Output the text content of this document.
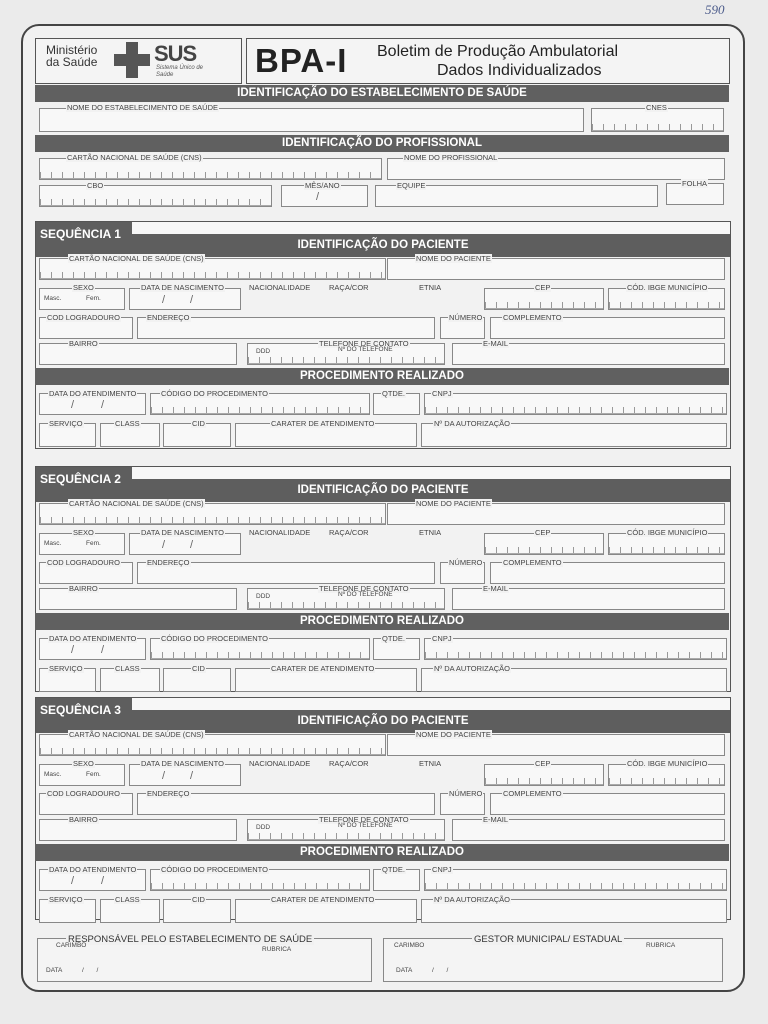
590
Ministério da Saúde	SUS
Sistema Único de Saúde	BPA-I Boletim de Produção Ambulatorial
Dados Individualizados
IDENTIFICAÇÃO DO ESTABELECIMENTO DE SAÚDE
NOME DO ESTABELECIMENTO DE SAÚDE	CNES
IDENTIFICAÇÃO DO PROFISSIONAL
CARTÃO NACIONAL DE SAÚDE (CNS)	NOME DO PROFISSIONAL
CBO
/
MÊS/ANO	EQUIPE	FOLHA
SEQUÊNCIA 1
IDENTIFICAÇÃO DO PACIENTE
CARTÃO NACIONAL DE SAÚDE (CNS)	NOME DO PACIENTE
SEXO
Masc.	Fem.	/ /
DATA DE NASCIMENTO	NACIONALIDADE RAÇA/COR	ETNIA	CEP	CÓD. IBGE MUNICÍPIO
COD LOGRADOURO	ENDEREÇO	NÚMERO	COMPLEMENTO
BAIRRO	TELEFONE DE CONTATO
DDD	Nº DO TELEFONE
E-MAIL
PROCEDIMENTO REALIZADO
/ /
DATA DO ATENDIMENTO	CÓDIGO DO PROCEDIMENTO	QTDE.	CNPJ
SERVIÇO	CLASS	CID	CARATER DE ATENDIMENTO	Nº DA AUTORIZAÇÃO
SEQUÊNCIA 2
IDENTIFICAÇÃO DO PACIENTE
CARTÃO NACIONAL DE SAÚDE (CNS)	NOME DO PACIENTE
SEXO
Masc.	Fem.	/ /
DATA DE NASCIMENTO	NACIONALIDADE RAÇA/COR	ETNIA	CEP	CÓD. IBGE MUNICÍPIO
COD LOGRADOURO	ENDEREÇO	NÚMERO	COMPLEMENTO
BAIRRO	TELEFONE DE CONTATO
DDD	Nº DO TELEFONE
E-MAIL
PROCEDIMENTO REALIZADO
/ /
DATA DO ATENDIMENTO	CÓDIGO DO PROCEDIMENTO	QTDE.	CNPJ
SERVIÇO	CLASS	CID	CARATER DE ATENDIMENTO	Nº DA AUTORIZAÇÃO
SEQUÊNCIA 3
IDENTIFICAÇÃO DO PACIENTE
CARTÃO NACIONAL DE SAÚDE (CNS)	NOME DO PACIENTE
SEXO
Masc.	Fem.	/ /
DATA DE NASCIMENTO	NACIONALIDADE RAÇA/COR	ETNIA	CEP	CÓD. IBGE MUNICÍPIO
COD LOGRADOURO	ENDEREÇO	NÚMERO	COMPLEMENTO
BAIRRO	TELEFONE DE CONTATO
DDD	Nº DO TELEFONE
E-MAIL
PROCEDIMENTO REALIZADO
/ /
DATA DO ATENDIMENTO	CÓDIGO DO PROCEDIMENTO	QTDE.	CNPJ
SERVIÇO	CLASS	CID	CARATER DE ATENDIMENTO	Nº DA AUTORIZAÇÃO
RESPONSÁVEL PELO ESTABELECIMENTO DE SAÚDE
CARIMBO
RUBRICA
DATA	/       /
GESTOR MUNICIPAL/ ESTADUAL
CARIMBO	RUBRICA
DATA	/       /
